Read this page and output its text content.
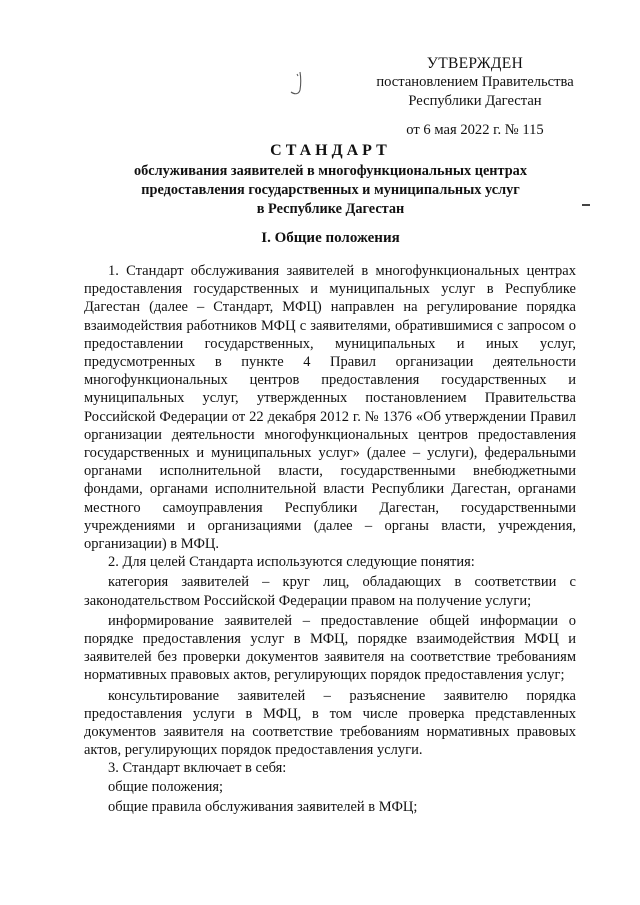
УТВЕРЖДЕН
постановлением Правительства
Республики Дагестан
от 6 мая 2022 г. № 115
СТАНДАРТ
обслуживания заявителей в многофункциональных центрах
предоставления государственных и муниципальных услуг
в Республике Дагестан
I. Общие положения

1. Стандарт обслуживания заявителей в многофункциональных центрах предоставления государственных и муниципальных услуг в Республике Дагестан (далее – Стандарт, МФЦ) направлен на регулирование порядка взаимодействия работников МФЦ с заявителями, обратившимися с запросом о предоставлении государственных, муниципальных и иных услуг, предусмотренных в пункте 4 Правил организации деятельности многофункциональных центров предоставления государственных и муниципальных услуг, утвержденных постановлением Правительства Российской Федерации от 22 декабря 2012 г. № 1376 «Об утверждении Правил организации деятельности многофункциональных центров предоставления государственных и муниципальных услуг» (далее – услуги), федеральными органами исполнительной власти, государственными внебюджетными фондами, органами исполнительной власти Республики Дагестан, органами местного самоуправления Республики Дагестан, государственными учреждениями и организациями (далее – органы власти, учреждения, организации) в МФЦ.

2. Для целей Стандарта используются следующие понятия:

категория заявителей – круг лиц, обладающих в соответствии с законодательством Российской Федерации правом на получение услуги;

информирование заявителей – предоставление общей информации о порядке предоставления услуг в МФЦ, порядке взаимодействия МФЦ и заявителей без проверки документов заявителя на соответствие требованиям нормативных правовых актов, регулирующих порядок предоставления услуг;

консультирование заявителей – разъяснение заявителю порядка предоставления услуги в МФЦ, в том числе проверка представленных документов заявителя на соответствие требованиям нормативных правовых актов, регулирующих порядок предоставления услуги.

3. Стандарт включает в себя:

общие положения;

общие правила обслуживания заявителей в МФЦ;
